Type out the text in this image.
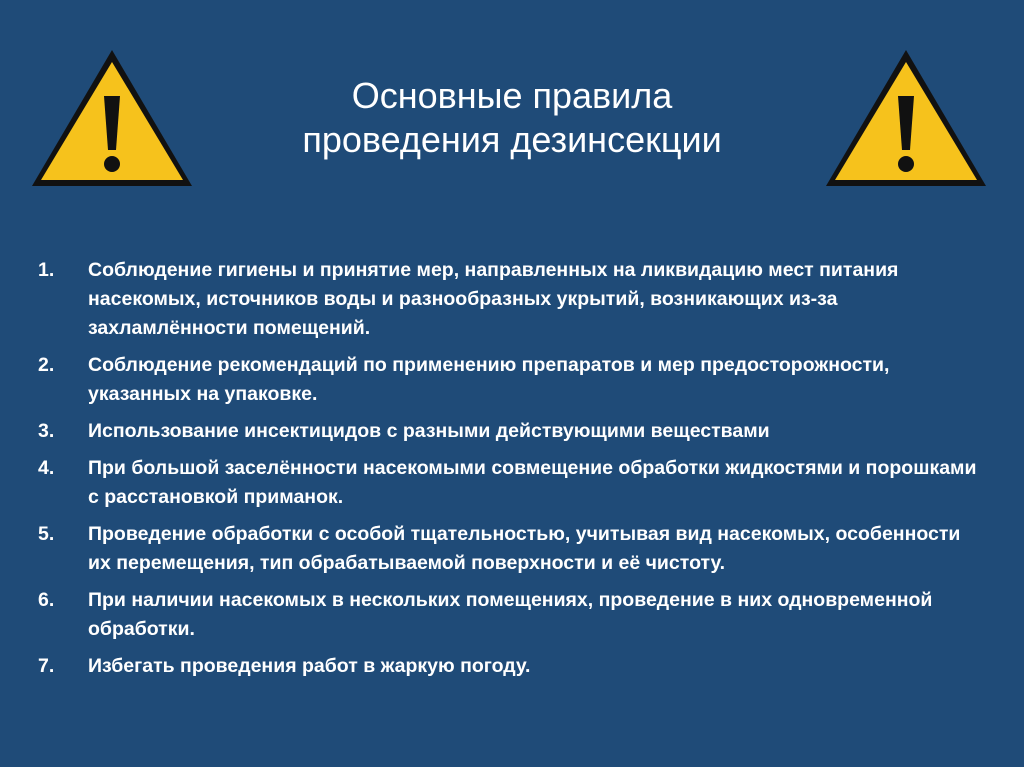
Основные правила
проведения дезинсекции
1.	Соблюдение гигиены и принятие мер, направленных на ликвидацию мест питания насекомых, источников воды и разнообразных укрытий, возникающих из-за захламлённости помещений.
2.	Соблюдение рекомендаций по применению препаратов и мер предосторожности, указанных на упаковке.
3.	Использование инсектицидов с разными действующими веществами
4.	При большой заселённости насекомыми совмещение обработки жидкостями и порошками с расстановкой приманок.
5.	Проведение обработки с особой тщательностью, учитывая вид насекомых, особенности их перемещения, тип обрабатываемой поверхности и её чистоту.
6.	При наличии насекомых в нескольких помещениях, проведение в них одновременной обработки.
7.	Избегать проведения работ в жаркую погоду.
